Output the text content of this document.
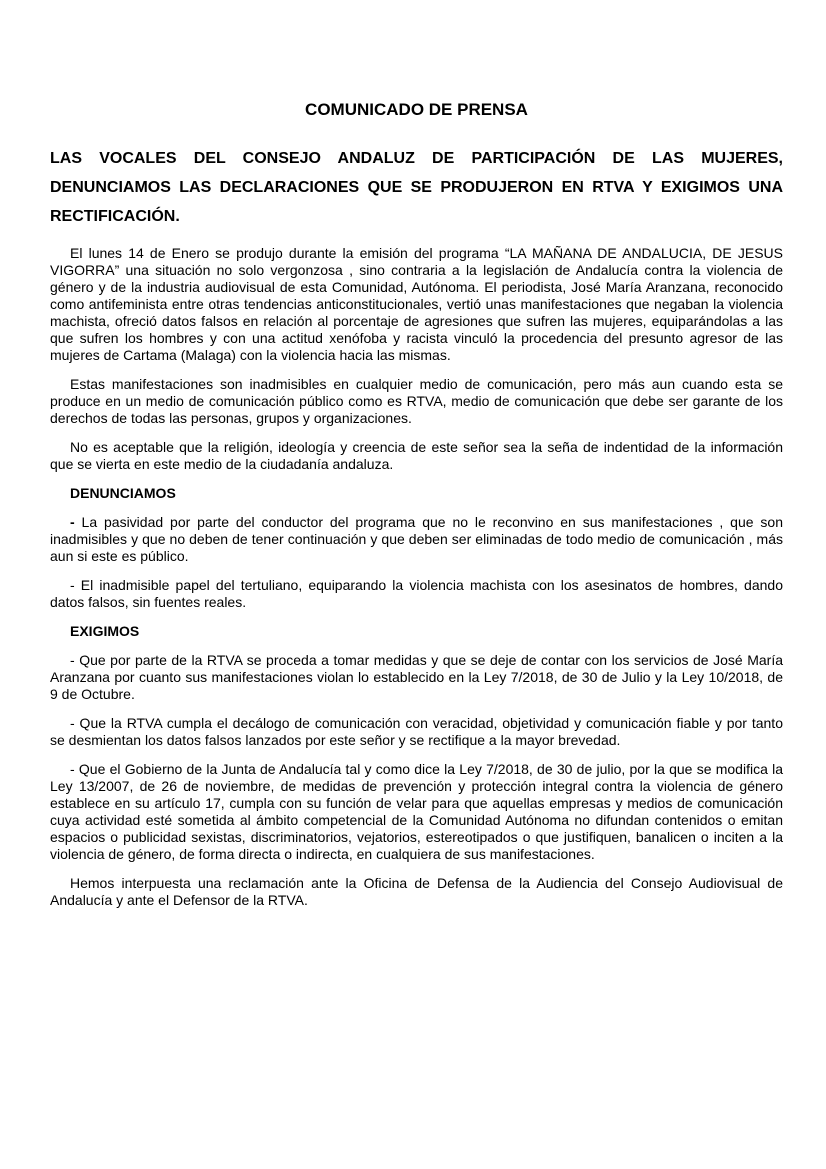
COMUNICADO DE PRENSA
LAS VOCALES DEL CONSEJO ANDALUZ DE PARTICIPACIÓN DE LAS MUJERES, DENUNCIAMOS LAS DECLARACIONES QUE SE PRODUJERON EN RTVA Y EXIGIMOS UNA RECTIFICACIÓN.

El lunes 14 de Enero se produjo durante la emisión del programa “LA MAÑANA DE ANDALUCIA, DE JESUS VIGORRA” una situación no solo vergonzosa , sino contraria a la legislación de Andalucía contra la violencia de género y de la industria audiovisual de esta Comunidad, Autónoma. El periodista, José María Aranzana, reconocido como antifeminista entre otras tendencias anticonstitucionales, vertió unas manifestaciones que negaban la violencia machista, ofreció datos falsos en relación al porcentaje de agresiones que sufren las mujeres, equiparándolas a las que sufren los hombres y con una actitud xenófoba y racista vinculó la procedencia del presunto agresor de las mujeres de Cartama (Malaga) con la violencia hacia las mismas.

Estas manifestaciones son inadmisibles en cualquier medio de comunicación, pero más aun cuando esta se produce en un medio de comunicación público como es RTVA, medio de comunicación que debe ser garante de los derechos de todas las personas, grupos y organizaciones.

No es aceptable que la religión, ideología y creencia de este señor sea la seña de indentidad de la información que se vierta en este medio de la ciudadanía andaluza.

DENUNCIAMOS

- La pasividad por parte del conductor del programa que no le reconvino en sus manifestaciones , que son inadmisibles y que no deben de tener continuación y que deben ser eliminadas de todo medio de comunicación , más aun si este es público.

- El inadmisible papel del tertuliano, equiparando la violencia machista con los asesinatos de hombres, dando datos falsos, sin fuentes reales.

EXIGIMOS

- Que por parte de la RTVA se proceda a tomar medidas y que se deje de contar con los servicios de José María Aranzana por cuanto sus manifestaciones violan lo establecido en la Ley 7/2018, de 30 de Julio y la Ley 10/2018, de 9 de Octubre.

- Que la RTVA cumpla el decálogo de comunicación con veracidad, objetividad y comunicación fiable y por tanto se desmientan los datos falsos lanzados por este señor y se rectifique a la mayor brevedad.

- Que el Gobierno de la Junta de Andalucía tal y como dice la Ley 7/2018, de 30 de julio, por la que se modifica la Ley 13/2007, de 26 de noviembre, de medidas de prevención y protección integral contra la violencia de género establece en su artículo 17, cumpla con su función de velar para que aquellas empresas y medios de comunicación cuya actividad esté sometida al ámbito competencial de la Comunidad Autónoma no difundan contenidos o emitan espacios o publicidad sexistas, discriminatorios, vejatorios, estereotipados o que justifiquen, banalicen o inciten a la violencia de género, de forma directa o indirecta, en cualquiera de sus manifestaciones.

Hemos interpuesta una reclamación ante la Oficina de Defensa de la Audiencia del Consejo Audiovisual de Andalucía y ante el Defensor de la RTVA.
